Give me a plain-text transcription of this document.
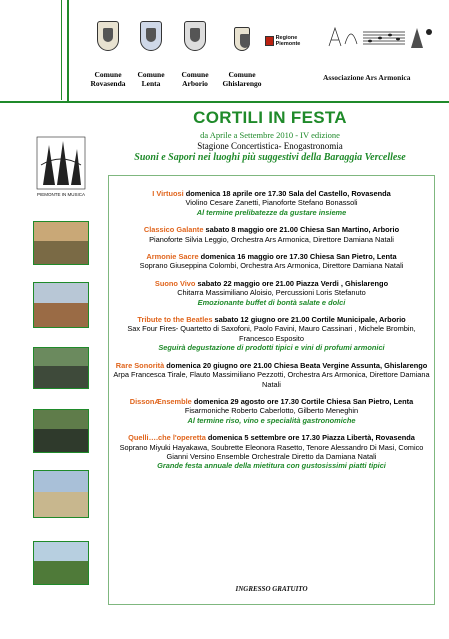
Comune
Rovasenda
Comune
Lenta
Comune
Arborio
Comune
Ghislarengo
Regione Piemonte
Associazione Ars Armonica
CORTILI IN FESTA
da Aprile a Settembre 2010 - IV edizione
Stagione Concertistica- Enogastronomia
Suoni e Sapori nei luoghi più suggestivi della Baraggia Vercellese
PIEMONTE IN MUSICA	I Virtuosi domenica 18 aprile ore 17.30 Sala del Castello, Rovasenda
Violino Cesare Zanetti, Pianoforte Stefano Bonassoli
Al termine prelibatezze da gustare insieme
Classico Galante sabato 8 maggio ore 21.00 Chiesa San Martino, Arborio
Pianoforte Silvia Leggio, Orchestra Ars Armonica, Direttore Damiana Natali
Armonie Sacre domenica 16 maggio ore 17.30 Chiesa San Pietro, Lenta
Soprano Giuseppina Colombi, Orchestra Ars Armonica, Direttore Damiana Natali
Suono Vivo sabato 22 maggio ore 21.00 Piazza Verdi , Ghislarengo
Chitarra Massimiliano Aloisio, Percussioni Loris Stefanuto
Emozionante buffet di bontà salate e dolci
Tribute to the Beatles sabato 12 giugno ore 21.00 Cortile Municipale, Arborio
Sax Four Fires- Quartetto di Saxofoni, Paolo Favini, Mauro Cassinari , Michele Brombin, Francesco Esposito
Seguirà degustazione di prodotti tipici e vini di profumi armonici
Rare Sonorità domenica 20 giugno ore 21.00 Chiesa Beata Vergine Assunta, Ghislarengo
Arpa Francesca Tirale, Flauto Massimiliano Pezzotti, Orchestra Ars Armonica, Direttore Damiana Natali
DissonÆnsemble domenica 29 agosto ore 17.30 Cortile Chiesa San Pietro, Lenta
Fisarmoniche Roberto Caberlotto, Gilberto Meneghin
Al termine riso, vino e specialità gastronomiche
Quelli….che l'operetta domenica 5 settembre ore 17.30 Piazza Libertà, Rovasenda
Soprano Miyuki Hayakawa, Soubrette Eleonora Rasetto, Tenore Alessandro Di Masi, Comico Gianni Versino Ensemble Orchestrale Diretto da Damiana Natali
Grande festa annuale della mietitura con gustosissimi piatti tipici
INGRESSO GRATUITO
